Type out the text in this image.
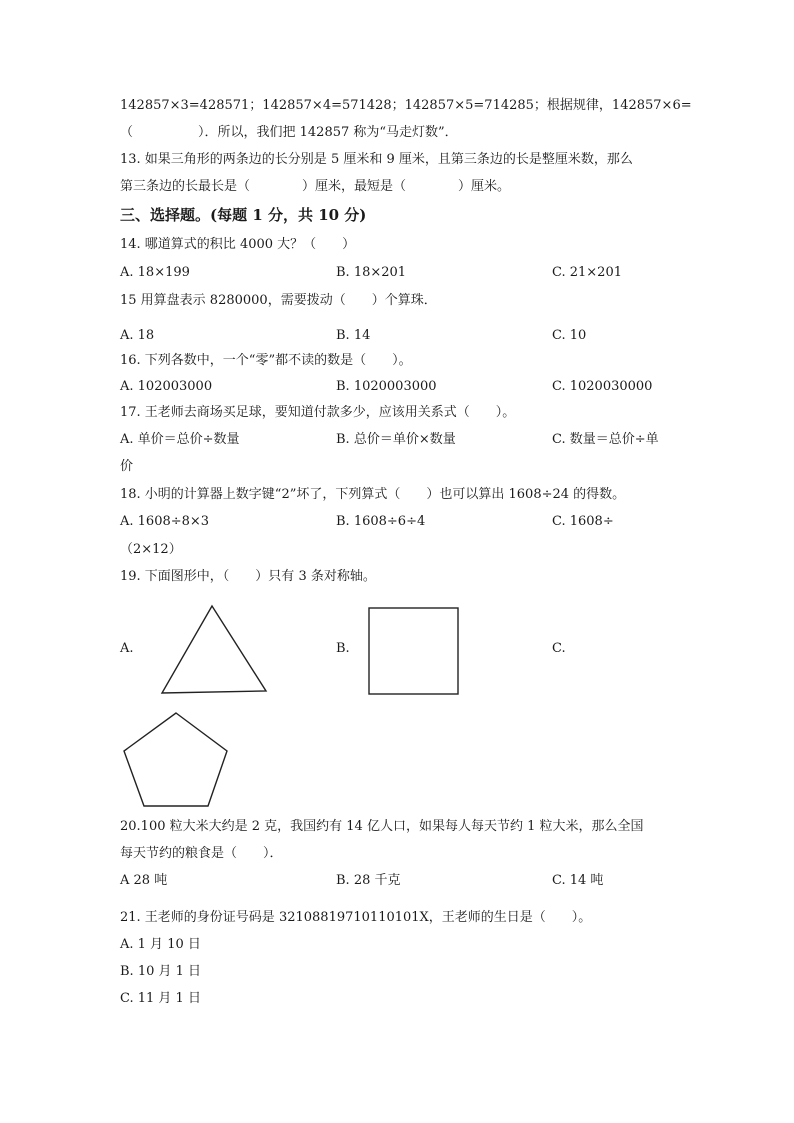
142857×3=428571；142857×4=571428；142857×5=714285；根据规律，142857×6=
（　　　　　）．所以，我们把 142857 称为“马走灯数”．
13. 如果三角形的两条边的长分别是 5 厘米和 9 厘米，且第三条边的长是整厘米数，那么
第三条边的长最长是（　　　　）厘米，最短是（　　　　）厘米。
三、选择题。(每题 1 分，共 10 分)
14. 哪道算式的积比 4000 大？（　　）
A. 18×199	B. 18×201	C. 21×201
15 用算盘表示 8280000，需要拨动（　　）个算珠．
A. 18	B. 14	C. 10
16. 下列各数中，一个“零”都不读的数是（　　）。
A. 102003000	B. 1020003000	C. 1020030000
17. 王老师去商场买足球，要知道付款多少，应该用关系式（　　）。
A. 单价＝总价÷数量	B. 总价＝单价×数量	C. 数量＝总价÷单
价
18. 小明的计算器上数字键“2”坏了，下列算式（　　）也可以算出 1608÷24 的得数。
A. 1608÷8×3	B. 1608÷6÷4	C. 1608÷
（2×12）
19. 下面图形中，（　　）只有 3 条对称轴。
A.	B.	C.
20.100 粒大米大约是 2 克，我国约有 14 亿人口，如果每人每天节约 1 粒大米，那么全国
每天节约的粮食是（　　）．
A 28 吨	B. 28 千克	C. 14 吨
21. 王老师的身份证号码是 32108819710110101X，王老师的生日是（　　）。
A. 1 月 10 日
B. 10 月 1 日
C. 11 月 1 日
